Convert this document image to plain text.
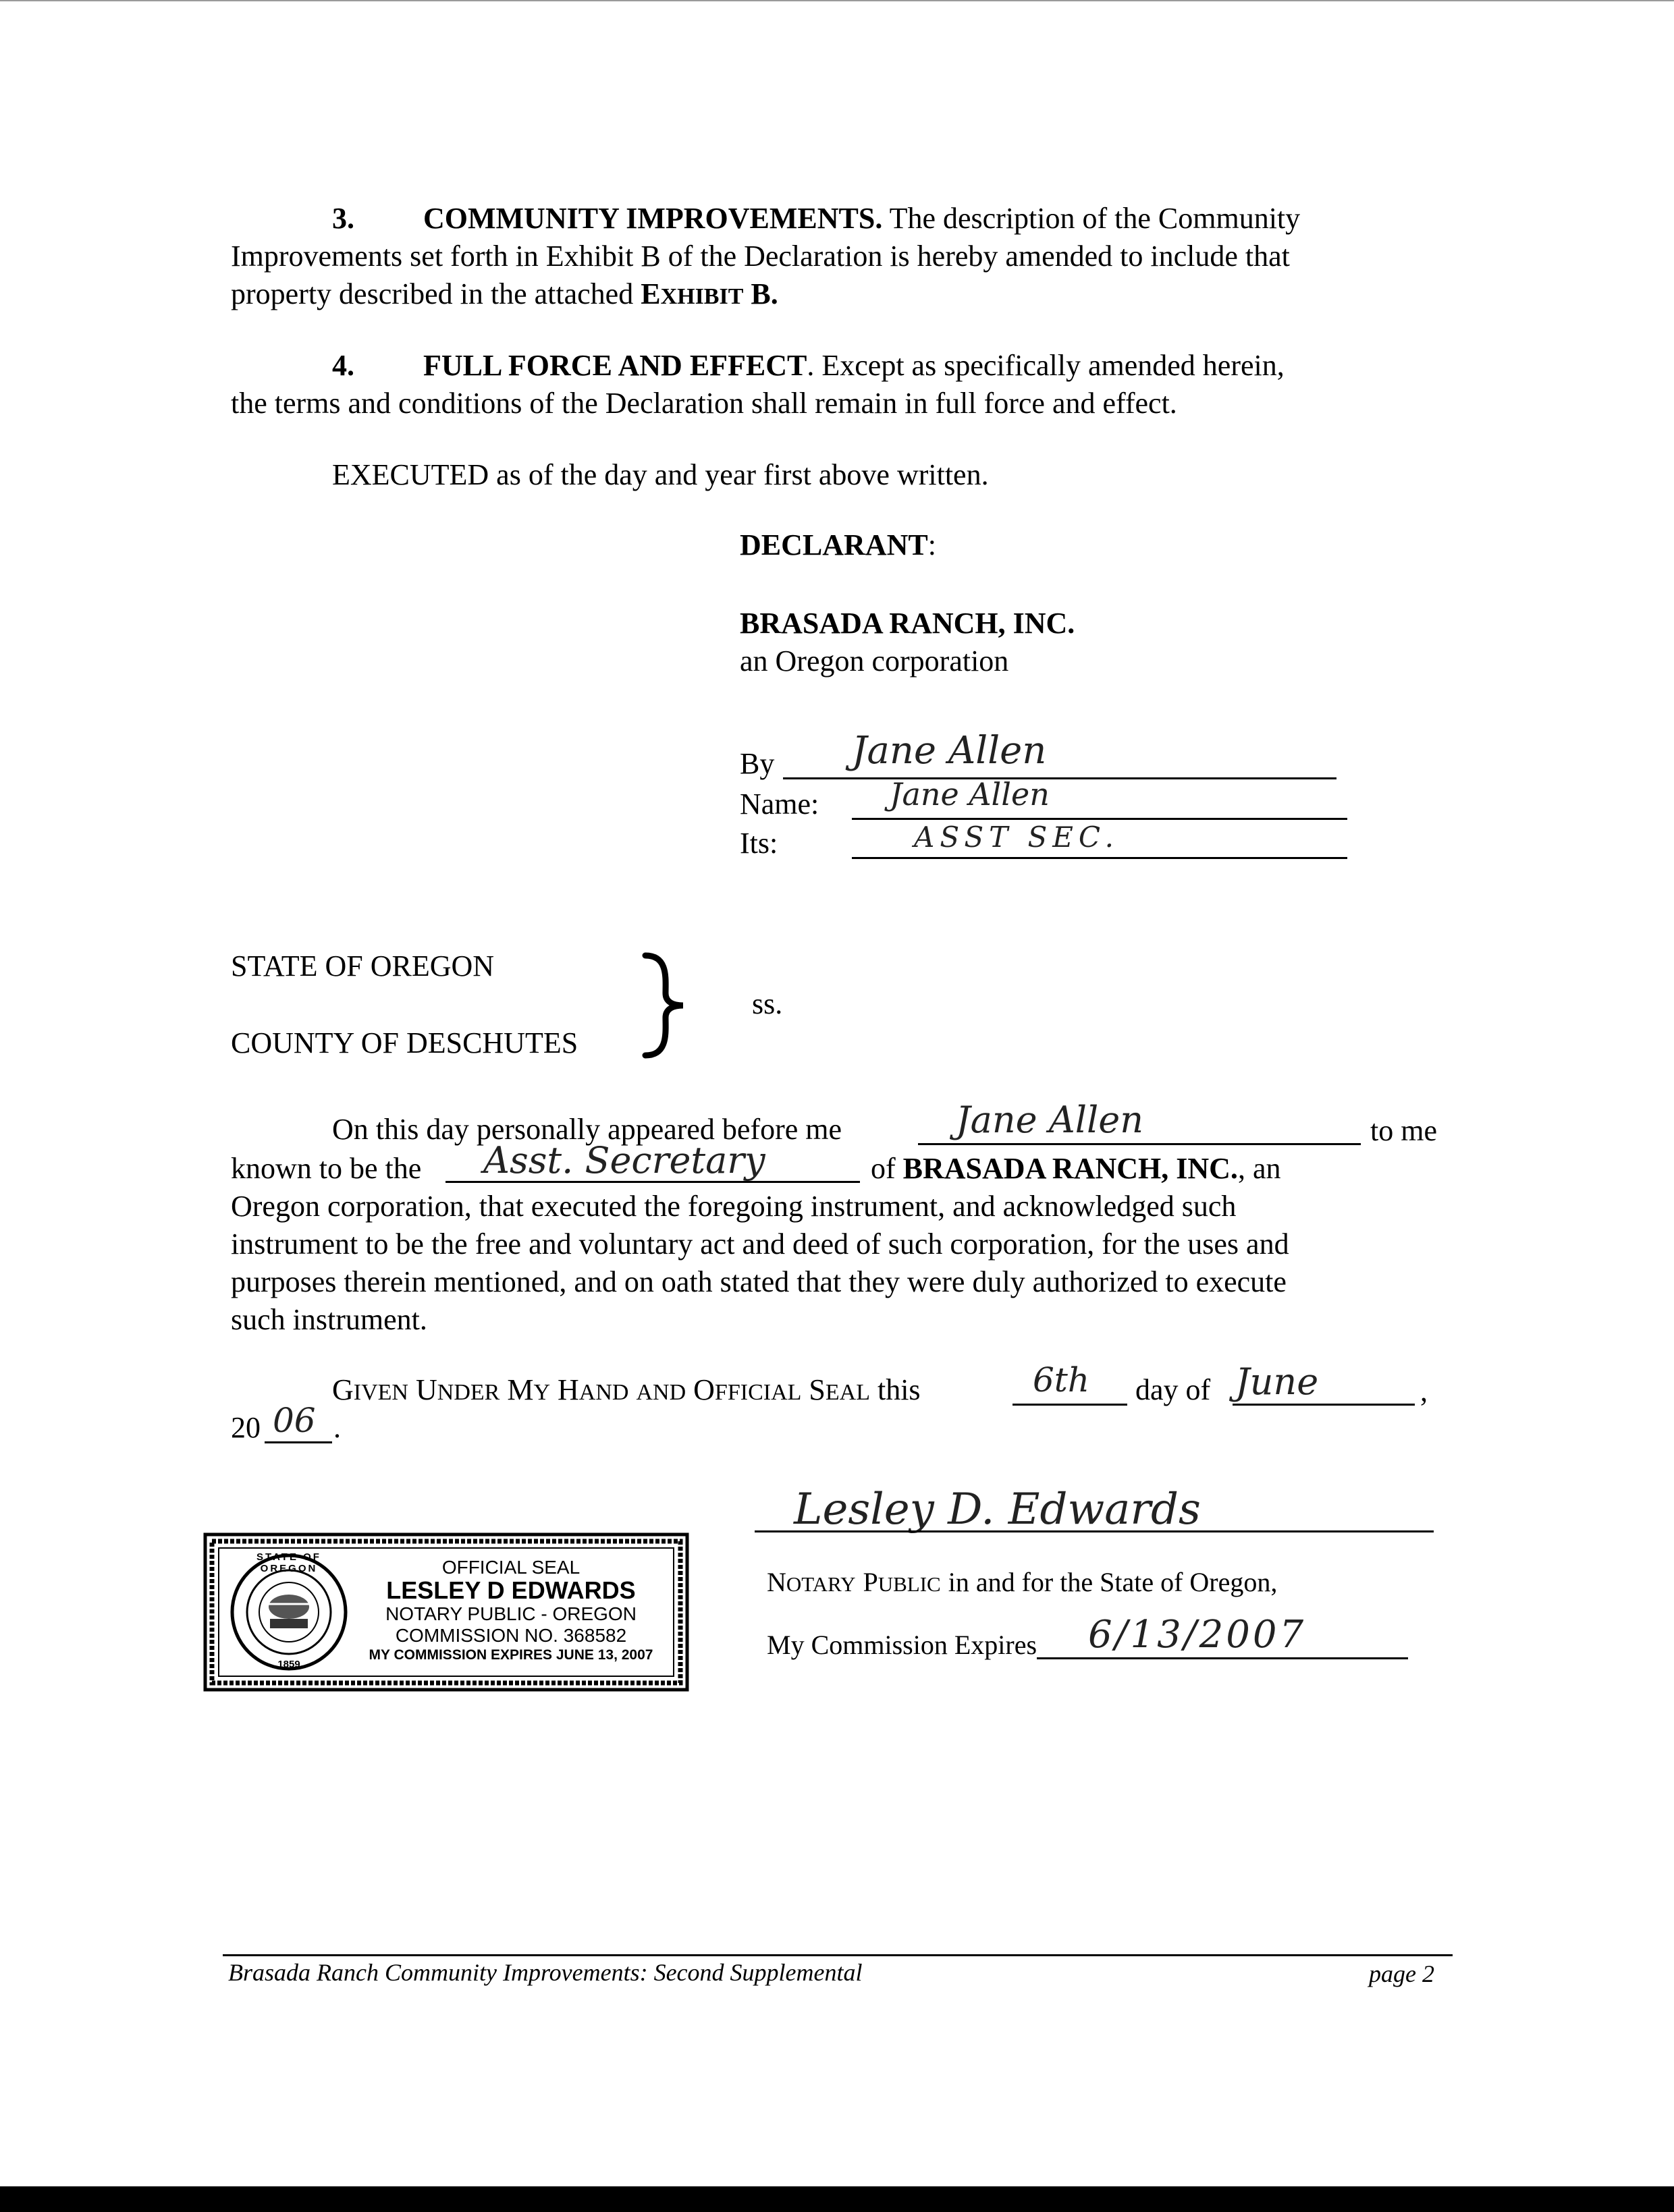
3. COMMUNITY IMPROVEMENTS. The description of the Community
Improvements set forth in Exhibit B of the Declaration is hereby amended to include that
property described in the attached EXHIBIT B.
4. FULL FORCE AND EFFECT. Except as specifically amended herein,
the terms and conditions of the Declaration shall remain in full force and effect.
EXECUTED as of the day and year first above written.
DECLARANT:
BRASADA RANCH, INC.
an Oregon corporation
By Jane Allen
Name: Jane Allen
Its:	ASST SEC.
STATE OF OREGON
COUNTY OF DESCHUTES
ss.
On this day personally appeared before me	Jane Allen	to me
known to be the Asst. Secretary	of BRASADA RANCH, INC., an
Oregon corporation, that executed the foregoing instrument, and acknowledged such
instrument to be the free and voluntary act and deed of such corporation, for the uses and
purposes therein mentioned, and on oath stated that they were duly authorized to execute
such instrument.
GIVEN UNDER MY HAND AND OFFICIAL SEAL this	6th day of June	,
20 06 .
Lesley D. Edwards
NOTARY PUBLIC in and for the State of Oregon,
My Commission Expires 6/13/2007
STATE OF OREGON
1859
OFFICIAL SEAL
LESLEY D EDWARDS
NOTARY PUBLIC - OREGON
COMMISSION NO. 368582
MY COMMISSION EXPIRES JUNE 13, 2007
Brasada Ranch Community Improvements: Second Supplemental	page 2
